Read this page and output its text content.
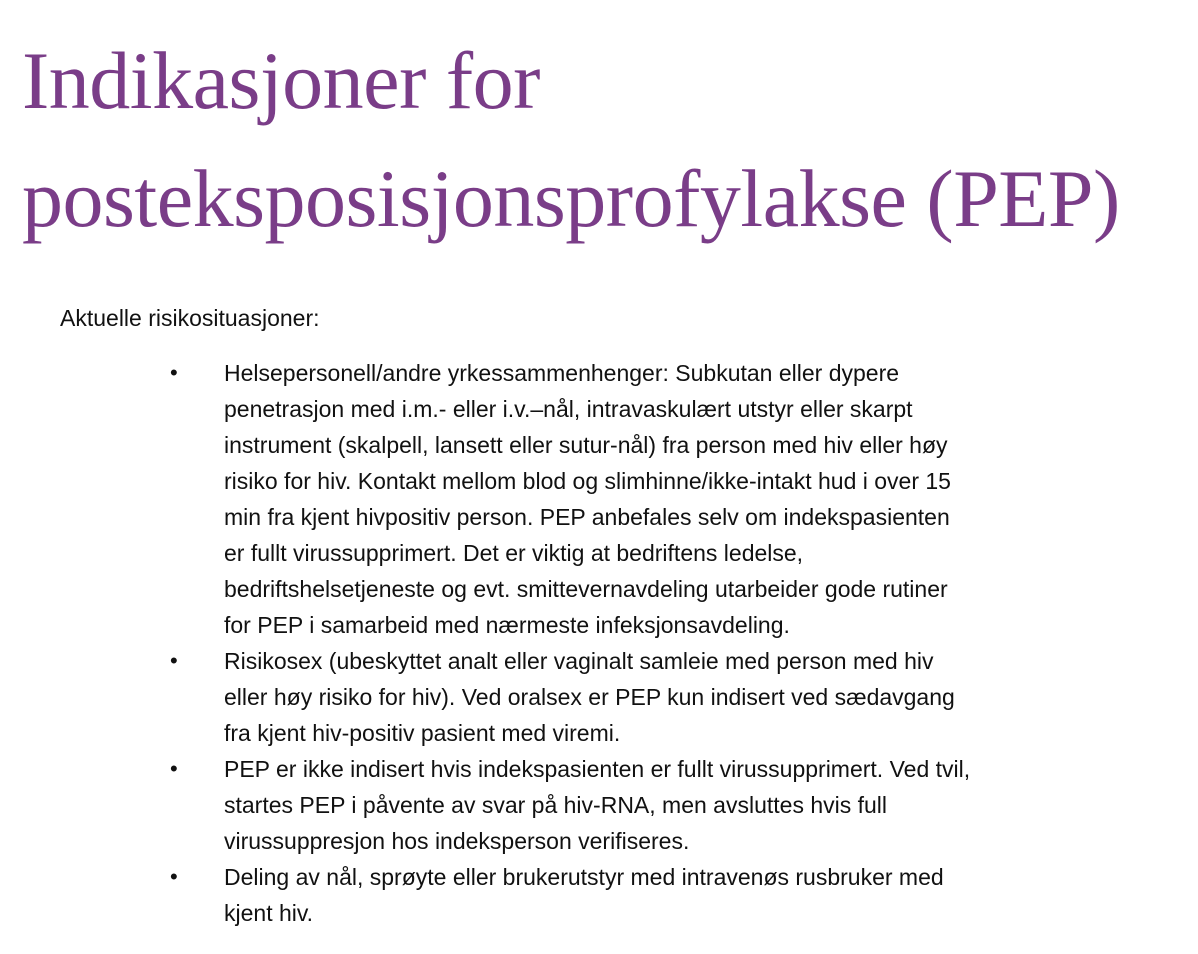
Indikasjoner for
posteksposisjonsprofylakse (PEP)

Aktuelle risikosituasjoner:

• Helsepersonell/andre yrkessammenhenger: Subkutan eller dypere
penetrasjon med i.m.- eller i.v.–nål, intravaskulært utstyr eller skarpt
instrument (skalpell, lansett eller sutur-nål) fra person med hiv eller høy
risiko for hiv. Kontakt mellom blod og slimhinne/ikke-intakt hud i over 15
min fra kjent hivpositiv person. PEP anbefales selv om indekspasienten
er fullt virussupprimert. Det er viktig at bedriftens ledelse,
bedriftshelsetjeneste og evt. smittevernavdeling utarbeider gode rutiner
for PEP i samarbeid med nærmeste infeksjonsavdeling.
• Risikosex (ubeskyttet analt eller vaginalt samleie med person med hiv
eller høy risiko for hiv). Ved oralsex er PEP kun indisert ved sædavgang
fra kjent hiv-positiv pasient med viremi.
• PEP er ikke indisert hvis indekspasienten er fullt virussupprimert. Ved tvil,
startes PEP i påvente av svar på hiv-RNA, men avsluttes hvis full
virussuppresjon hos indeksperson verifiseres.
• Deling av nål, sprøyte eller brukerutstyr med intravenøs rusbruker med
kjent hiv.
